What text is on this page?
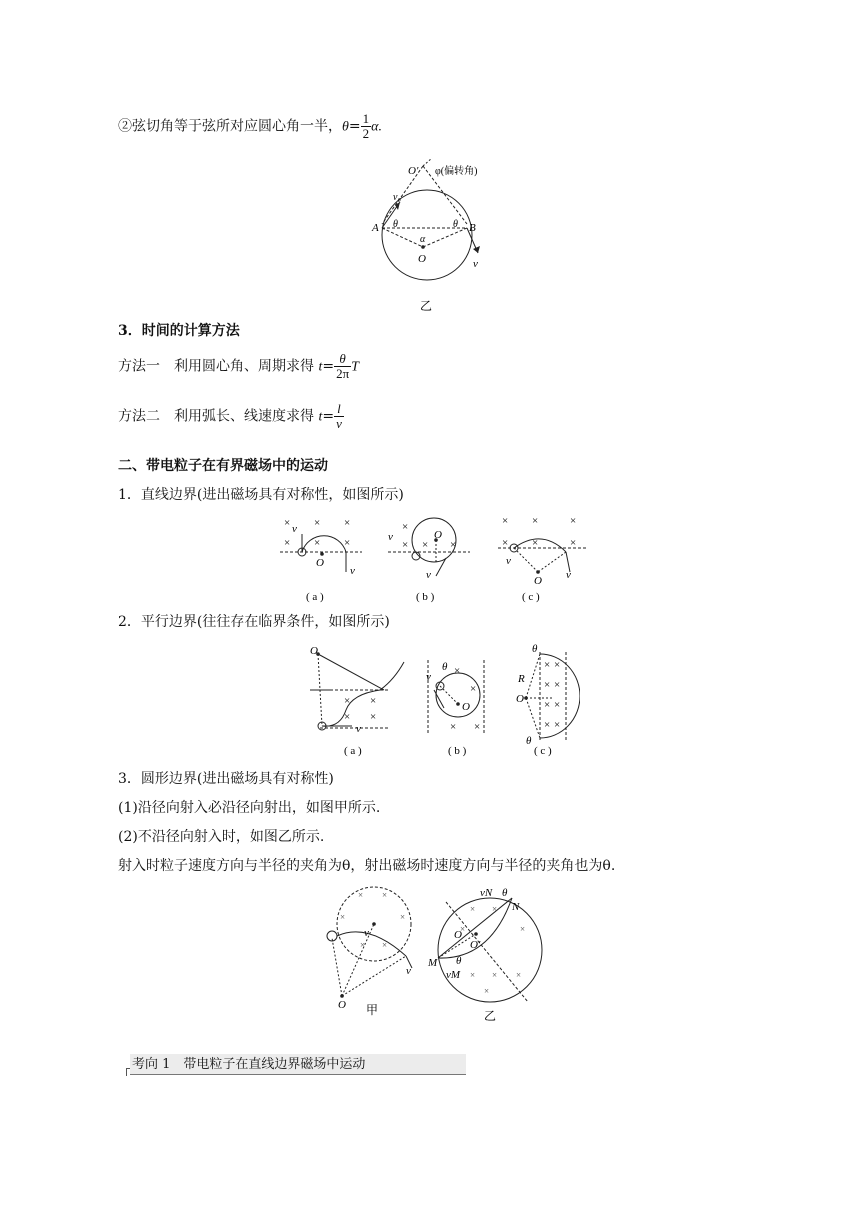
②弦切角等于弦所对应圆心角一半，$\theta= \frac{1}{2} \alpha$.
O′ φ(偏转角)
v₀
A	B
θ	θ
α
O	v
乙
3．时间的计算方法
方法一　利用圆心角、周期求得 $t= \frac{\theta}{2\pi}$ T
方法二　利用弧长、线速度求得 $t= \frac{l}{v}$
二、带电粒子在有界磁场中的运动
1．直线边界(进出磁场具有对称性，如图所示)
× × ×
× × ×
×
× × ×
× ×	×
× ×	×
O
v
v
O
v
v	O
v
v
( a )	( b )	( c )
2．平行边界(往往存在临界条件，如图所示)
× ×
× ×
×
×
× ×
× ×
× ×
× ×
× ×
O
v
O
v
θ
O
R
θ
θ
( a )	( b )	( c )
3．圆形边界(进出磁场具有对称性)
(1)沿径向射入必沿径向射出，如图甲所示.
(2)不沿径向射入时，如图乙所示.
射入时粒子速度方向与半径的夹角为θ，射出磁场时速度方向与半径的夹角也为θ.
× ×
×	×
× ×
× ×
×	×
× × ×
×
O
v
v
O
O′
vN
N
M
vM
θ
θ
甲	乙
考向 1　带电粒子在直线边界磁场中运动
